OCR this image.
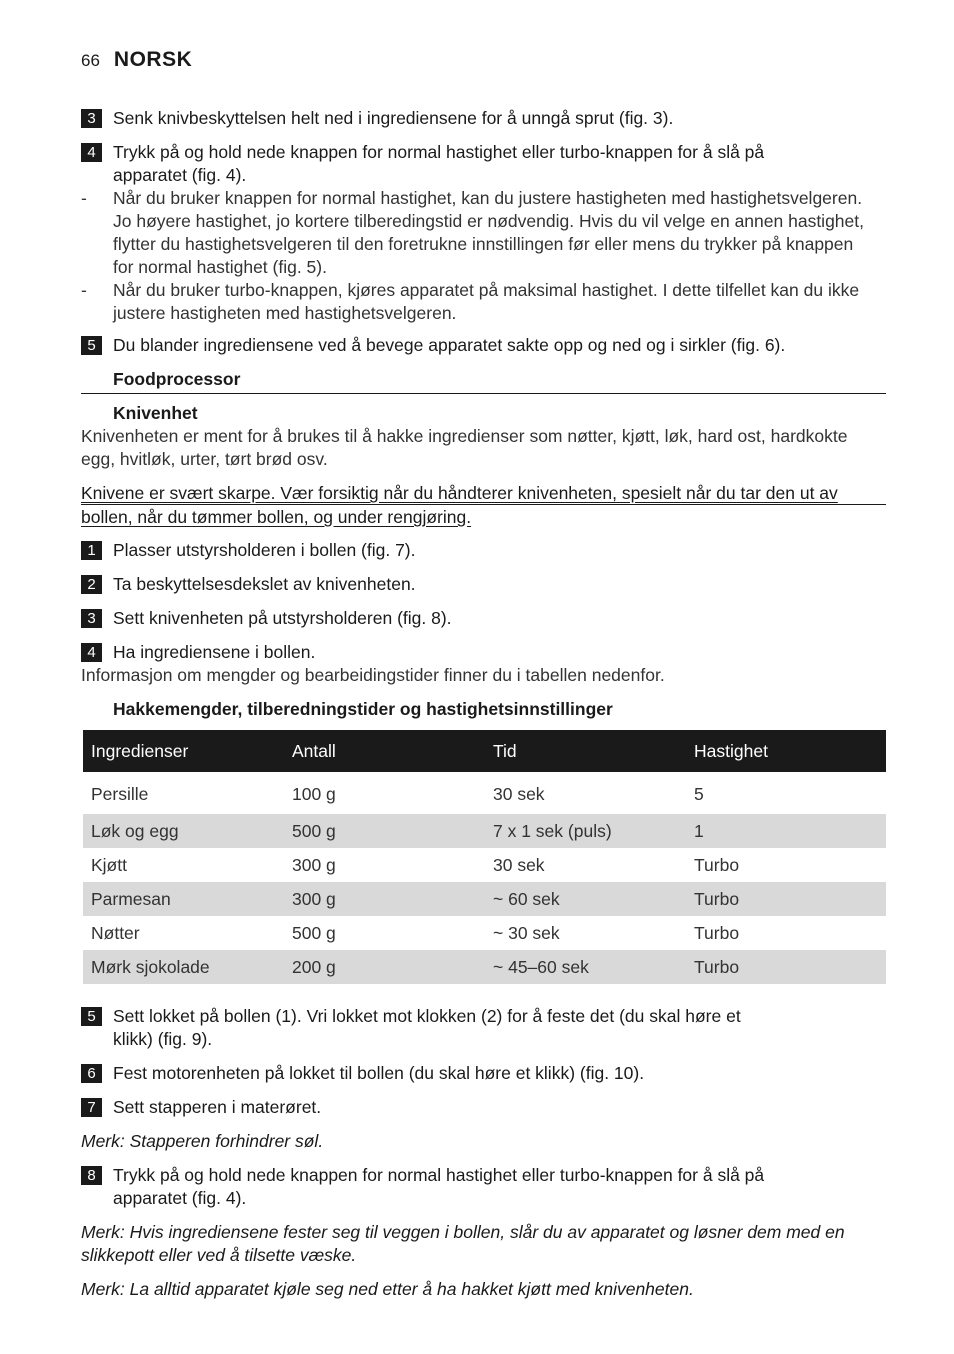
66 NORSK
3 Senk knivbeskyttelsen helt ned i ingrediensene for å unngå sprut (fig. 3).
4 Trykk på og hold nede knappen for normal hastighet eller turbo-knappen for å slå på
apparatet (fig. 4).
-	Når du bruker knappen for normal hastighet, kan du justere hastigheten med hastighetsvelgeren.
Jo høyere hastighet, jo kortere tilberedingstid er nødvendig. Hvis du vil velge en annen hastighet,
flytter du hastighetsvelgeren til den foretrukne innstillingen før eller mens du trykker på knappen
for normal hastighet (fig. 5).
-	Når du bruker turbo-knappen, kjøres apparatet på maksimal hastighet. I dette tilfellet kan du ikke
justere hastigheten med hastighetsvelgeren.
5 Du blander ingrediensene ved å bevege apparatet sakte opp og ned og i sirkler (fig. 6).
Foodprocessor
Knivenhet
Knivenheten er ment for å brukes til å hakke ingredienser som nøtter, kjøtt, løk, hard ost, hardkokte
egg, hvitløk, urter, tørt brød osv.
Knivene er svært skarpe. Vær forsiktig når du håndterer knivenheten, spesielt når du tar den ut av
bollen, når du tømmer bollen, og under rengjøring.
1 Plasser utstyrsholderen i bollen (fig. 7).
2 Ta beskyttelsesdekslet av knivenheten.
3 Sett knivenheten på utstyrsholderen (fig. 8).
4 Ha ingrediensene i bollen.
Informasjon om mengder og bearbeidingstider finner du i tabellen nedenfor.
Hakkemengder, tilberedningstider og hastighetsinnstillinger
Ingredienser	Antall	Tid	Hastighet
Persille	100 g	30 sek	5
Løk og egg	500 g	7 x 1 sek (puls)	1
Kjøtt	300 g	30 sek	Turbo
Parmesan	300 g	~ 60 sek	Turbo
Nøtter	500 g	~ 30 sek	Turbo
Mørk sjokolade	200 g	~ 45–60 sek	Turbo
5 Sett lokket på bollen (1). Vri lokket mot klokken (2) for å feste det (du skal høre et
klikk) (fig. 9).
6 Fest motorenheten på lokket til bollen (du skal høre et klikk) (fig. 10).
7 Sett stapperen i materøret.
Merk: Stapperen forhindrer søl.
8 Trykk på og hold nede knappen for normal hastighet eller turbo-knappen for å slå på
apparatet (fig. 4).
Merk: Hvis ingrediensene fester seg til veggen i bollen, slår du av apparatet og løsner dem med en
slikkepott eller ved å tilsette væske.
Merk: La alltid apparatet kjøle seg ned etter å ha hakket kjøtt med knivenheten.
